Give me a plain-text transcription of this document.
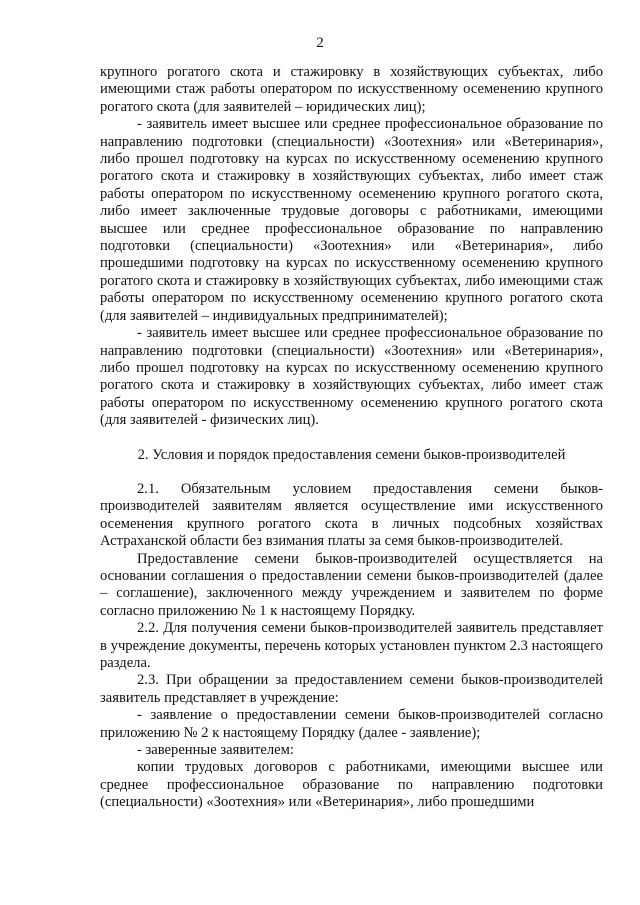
2

крупного рогатого скота и стажировку в хозяйствующих субъектах, либо имеющими стаж работы оператором по искусственному осеменению крупного рогатого скота (для заявителей – юридических лиц);

- заявитель имеет высшее или среднее профессиональное образование по направлению подготовки (специальности) «Зоотехния» или «Ветеринария», либо прошел подготовку на курсах по искусственному осеменению крупного рогатого скота и стажировку в хозяйствующих субъектах, либо имеет стаж работы оператором по искусственному осеменению крупного рогатого скота, либо имеет заключенные трудовые договоры с работниками, имеющими высшее или среднее профессиональное образование по направлению подготовки (специальности) «Зоотехния» или «Ветеринария», либо прошедшими подготовку на курсах по искусственному осеменению крупного рогатого скота и стажировку в хозяйствующих субъектах, либо имеющими стаж работы оператором по искусственному осеменению крупного рогатого скота (для заявителей – индивидуальных предпринимателей);

- заявитель имеет высшее или среднее профессиональное образование по направлению подготовки (специальности) «Зоотехния» или «Ветеринария», либо прошел подготовку на курсах по искусственному осеменению крупного рогатого скота и стажировку в хозяйствующих субъектах, либо имеет стаж работы оператором по искусственному осеменению крупного рогатого скота (для заявителей - физических лиц).

2. Условия и порядок предоставления семени быков-производителей

2.1. Обязательным условием предоставления семени быков-производителей заявителям является осуществление ими искусственного осеменения крупного рогатого скота в личных подсобных хозяйствах Астраханской области без взимания платы за семя быков-производителей.

Предоставление семени быков-производителей осуществляется на основании соглашения о предоставлении семени быков-производителей (далее – соглашение), заключенного между учреждением и заявителем по форме согласно приложению № 1 к настоящему Порядку.

2.2. Для получения семени быков-производителей заявитель представляет в учреждение документы, перечень которых установлен пунктом 2.3 настоящего раздела.

2.3. При обращении за предоставлением семени быков-производителей заявитель представляет в учреждение:

- заявление о предоставлении семени быков-производителей согласно приложению № 2 к настоящему Порядку (далее - заявление);

- заверенные заявителем:

копии трудовых договоров с работниками, имеющими высшее или среднее профессиональное образование по направлению подготовки (специальности) «Зоотехния» или «Ветеринария», либо прошедшими
